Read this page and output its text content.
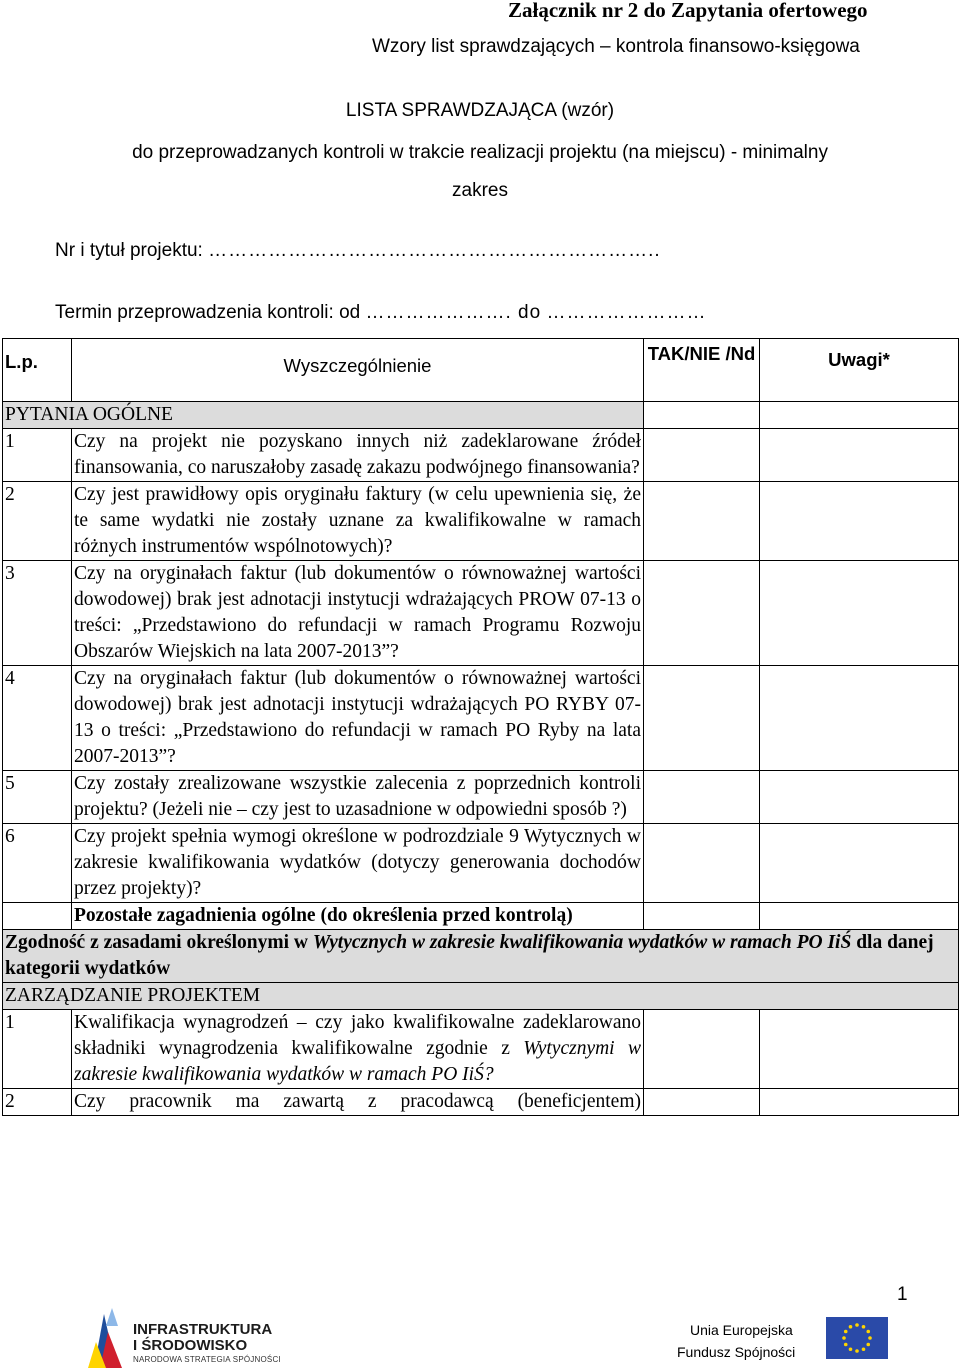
Załącznik nr 2 do Zapytania ofertowego
Wzory list sprawdzających – kontrola finansowo-księgowa
LISTA SPRAWDZAJĄCA (wzór)
do przeprowadzanych kontroli w trakcie realizacji projektu (na miejscu) - minimalny
zakres
Nr i tytuł projektu: …………………………………………………………..
Termin przeprowadzenia kontroli: od …………………. do ……………………
L.p.	Wyszczególnienie	TAK/NIE /Nd	Uwagi*
PYTANIA OGÓLNE			
1	Czy na projekt nie pozyskano innych niż zadeklarowane źródeł finansowania, co naruszałoby zasadę zakazu podwójnego finansowania?		
2	Czy jest prawidłowy opis oryginału faktury (w celu upewnienia się, że te same wydatki nie zostały uznane za kwalifikowalne w ramach różnych instrumentów wspólnotowych)?		
3	Czy na oryginałach faktur (lub dokumentów o równoważnej wartości dowodowej) brak jest adnotacji instytucji wdrażających PROW 07-13 o treści: „Przedstawiono do refundacji w ramach Programu Rozwoju Obszarów Wiejskich na lata 2007-2013”?		
4	Czy na oryginałach faktur (lub dokumentów o równoważnej wartości dowodowej) brak jest adnotacji instytucji wdrażających PO RYBY 07-13 o treści: „Przedstawiono do refundacji w ramach PO Ryby na lata 2007-2013”?		
5	Czy zostały zrealizowane wszystkie zalecenia z poprzednich kontroli projektu? (Jeżeli nie – czy jest to uzasadnione w odpowiedni sposób ?)		
6	Czy projekt spełnia wymogi określone w podrozdziale 9 Wytycznych w zakresie kwalifikowania wydatków (dotyczy generowania dochodów przez projekty)?		
	Pozostałe zagadnienia ogólne (do określenia przed kontrolą)		
Zgodność z zasadami określonymi w Wytycznych w zakresie kwalifikowania wydatków w ramach PO IiŚ dla danej kategorii wydatków			
ZARZĄDZANIE PROJEKTEM			
1	Kwalifikacja wynagrodzeń – czy jako kwalifikowalne zadeklarowano składniki wynagrodzenia kwalifikowalne zgodnie z Wytycznymi w zakresie kwalifikowania wydatków w ramach PO IiŚ?		
2	Czy pracownik ma zawartą z pracodawcą (beneficjentem)		
1
INFRASTRUKTURA
I ŚRODOWISKO
NARODOWA STRATEGIA SPÓJNOŚCI
Unia Europejska
Fundusz Spójności
